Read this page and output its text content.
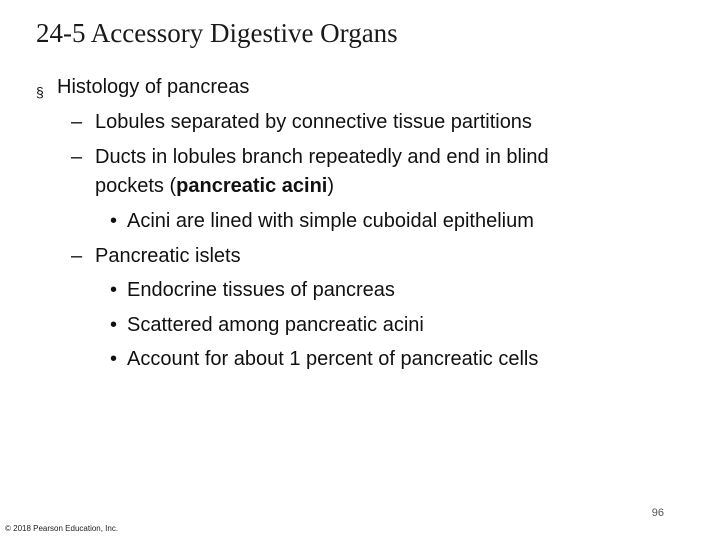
24-5 Accessory Digestive Organs
§ Histology of pancreas
– Lobules separated by connective tissue partitions
– Ducts in lobules branch repeatedly and end in blind
pockets (pancreatic acini)
• Acini are lined with simple cuboidal epithelium
– Pancreatic islets
• Endocrine tissues of pancreas
• Scattered among pancreatic acini
• Account for about 1 percent of pancreatic cells
96
© 2018 Pearson Education, Inc.
